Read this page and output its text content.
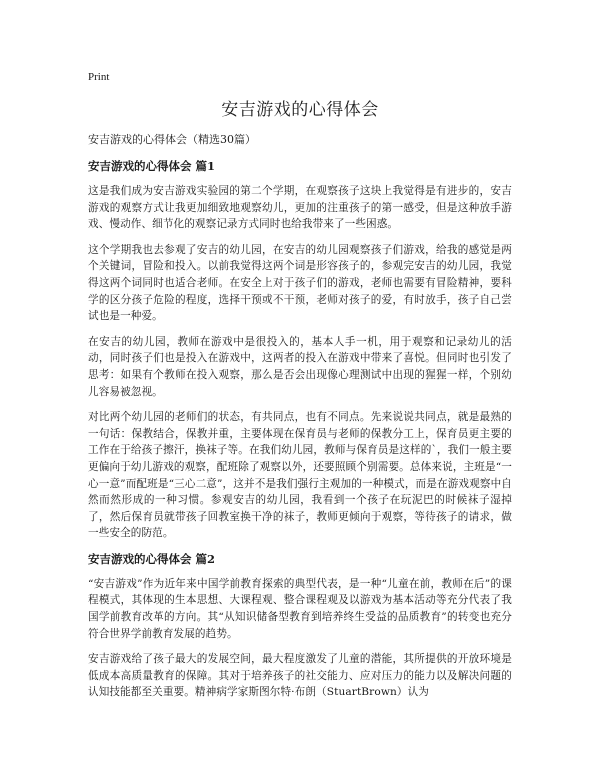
Print
安吉游戏的心得体会
安吉游戏的心得体会（精选30篇）
安吉游戏的心得体会 篇1

这是我们成为安吉游戏实验园的第二个学期，在观察孩子这块上我觉得是有进步的，安吉游戏的观察方式让我更加细致地观察幼儿，更加的注重孩子的第一感受，但是这种放手游戏、慢动作、细节化的观察记录方式同时也给我带来了一些困惑。

这个学期我也去参观了安吉的幼儿园，在安吉的幼儿园观察孩子们游戏，给我的感觉是两个关键词，冒险和投入。以前我觉得这两个词是形容孩子的，参观完安吉的幼儿园，我觉得这两个词同时也适合老师。在安全上对于孩子们的游戏，老师也需要有冒险精神，要科学的区分孩子危险的程度，选择干预或不干预，老师对孩子的爱，有时放手，孩子自己尝试也是一种爱。

在安吉的幼儿园，教师在游戏中是很投入的，基本人手一机，用于观察和记录幼儿的活动，同时孩子们也是投入在游戏中，这两者的投入在游戏中带来了喜悦。但同时也引发了思考：如果有个教师在投入观察，那么是否会出现像心理测试中出现的猩猩一样，个别幼儿容易被忽视。

对比两个幼儿园的老师们的状态，有共同点，也有不同点。先来说说共同点，就是最熟的一句话：保教结合，保教并重，主要体现在保育员与老师的保教分工上，保育员更主要的工作在于给孩子擦汗，换袜子等。在我们幼儿园，教师与保育员是这样的`，我们一般主要更偏向于幼儿游戏的观察，配班除了观察以外，还要照顾个别需要。总体来说，主班是“一心一意”而配班是“三心二意”，这并不是我们强行主观加的一种模式，而是在游戏观察中自然而然形成的一种习惯。参观安吉的幼儿园，我看到一个孩子在玩泥巴的时候袜子湿掉了，然后保育员就带孩子回教室换干净的袜子，教师更倾向于观察，等待孩子的请求，做一些安全的防范。

安吉游戏的心得体会 篇2

“安吉游戏”作为近年来中国学前教育探索的典型代表，是一种“儿童在前，教师在后”的课程模式，其体现的生本思想、大课程观、整合课程观及以游戏为基本活动等充分代表了我国学前教育改革的方向。其“从知识储备型教育到培养终生受益的品质教育”的转变也充分符合世界学前教育发展的趋势。

安吉游戏给了孩子最大的发展空间，最大程度激发了儿童的潜能，其所提供的开放环境是低成本高质量教育的保障。其对于培养孩子的社交能力、应对压力的能力以及解决问题的认知技能都至关重要。精神病学家斯图尔特·布朗（StuartBrown）认为
